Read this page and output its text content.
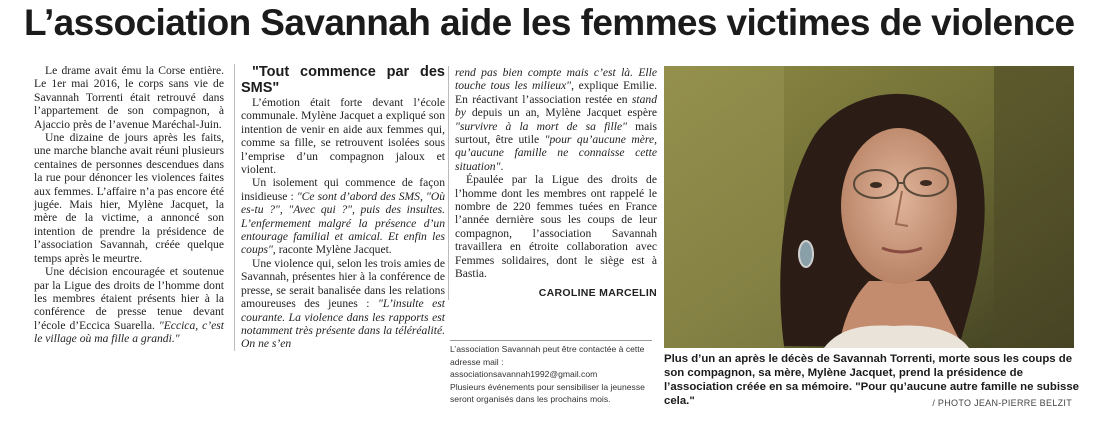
L’association Savannah aide les femmes victimes de violence

Le drame avait ému la Corse entière. Le 1er mai 2016, le corps sans vie de Savannah Torrenti était retrouvé dans l’appartement de son compagnon, à Ajaccio près de l’avenue Maréchal-Juin.

Une dizaine de jours après les faits, une marche blanche avait réuni plusieurs centaines de personnes descendues dans la rue pour dénoncer les violences faites aux femmes. L’affaire n’a pas encore été jugée. Mais hier, Mylène Jacquet, la mère de la victime, a annoncé son intention de prendre la présidence de l’association Savannah, créée quelque temps après le meurtre.

Une décision encouragée et soutenue par la Ligue des droits de l’homme dont les membres étaient présents hier à la conférence de presse tenue devant l’école d’Eccica Suarella. "Eccica, c’est le village où ma fille a grandi."

"Tout commence par des SMS"

L’émotion était forte devant l’école communale. Mylène Jacquet a expliqué son intention de venir en aide aux femmes qui, comme sa fille, se retrouvent isolées sous l’emprise d’un compagnon jaloux et violent.

Un isolement qui commence de façon insidieuse : "Ce sont d’abord des SMS, "Où es-tu ?", "Avec qui ?", puis des insultes. L’enfermement malgré la présence d’un entourage familial et amical. Et enfin les coups", raconte Mylène Jacquet.

Une violence qui, selon les trois amies de Savannah, présentes hier à la conférence de presse, se serait banalisée dans les relations amoureuses des jeunes : "L’insulte est courante. La violence dans les rapports est notamment très présente dans la téléréalité. On ne s’en

rend pas bien compte mais c’est là. Elle touche tous les milieux", explique Emilie. En réactivant l’association restée en stand by depuis un an, Mylène Jacquet espère "survivre à la mort de sa fille" mais surtout, être utile "pour qu’aucune mère, qu’aucune famille ne connaisse cette situation".

Épaulée par la Ligue des droits de l’homme dont les membres ont rappelé le nombre de 220 femmes tuées en France l’année dernière sous les coups de leur compagnon, l’association Savannah travaillera en étroite collaboration avec Femmes solidaires, dont le siège est à Bastia.

CAROLINE MARCELIN
L’association Savannah peut être contactée à cette adresse mail :
associationsavannah1992@gmail.com
Plusieurs événements pour sensibiliser la jeunesse seront organisés dans les prochains mois.
Plus d’un an après le décès de Savannah Torrenti, morte sous les coups de son compagnon, sa mère, Mylène Jacquet, prend la présidence de l’association créée en sa mémoire. "Pour qu’aucune autre famille ne subisse cela."	/ PHOTO JEAN-PIERRE BELZIT
